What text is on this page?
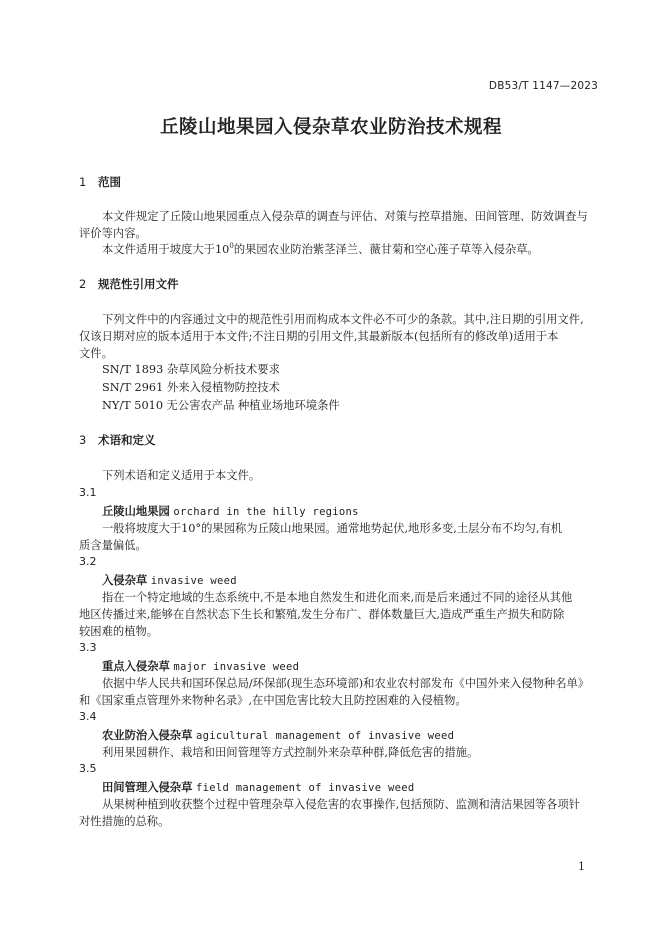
DB53/T 1147—2023
丘陵山地果园入侵杂草农业防治技术规程
1 范围
本文件规定了丘陵山地果园重点入侵杂草的调查与评估、对策与控草措施、田间管理、防效调查与
评价等内容。
本文件适用于坡度大于$10^0$的果园农业防治紫茎泽兰、薇甘菊和空心莲子草等入侵杂草。
2 规范性引用文件
下列文件中的内容通过文中的规范性引用而构成本文件必不可少的条款。其中,注日期的引用文件,
仅该日期对应的版本适用于本文件;不注日期的引用文件,其最新版本(包括所有的修改单)适用于本
文件。
SN/T 1893 杂草风险分析技术要求
SN/T 2961 外来入侵植物防控技术
NY/T 5010 无公害农产品 种植业场地环境条件
3 术语和定义
下列术语和定义适用于本文件。
3.1
丘陵山地果园 orchard in the hilly regions
一般将坡度大于10°的果园称为丘陵山地果园。通常地势起伏,地形多变,土层分布不均匀,有机
质含量偏低。
3.2
入侵杂草 invasive weed
指在一个特定地域的生态系统中,不是本地自然发生和进化而来,而是后来通过不同的途径从其他
地区传播过来,能够在自然状态下生长和繁殖,发生分布广、群体数量巨大,造成严重生产损失和防除
较困难的植物。
3.3
重点入侵杂草 major invasive weed
依据中华人民共和国环保总局/环保部(现生态环境部)和农业农村部发布《中国外来入侵物种名单》
和《国家重点管理外来物种名录》,在中国危害比较大且防控困难的入侵植物。
3.4
农业防治入侵杂草 agicultural management of invasive weed
利用果园耕作、栽培和田间管理等方式控制外来杂草种群,降低危害的措施。
3.5
田间管理入侵杂草 field management of invasive weed
从果树种植到收获整个过程中管理杂草入侵危害的农事操作,包括预防、监测和清洁果园等各项针
对性措施的总称。
1
